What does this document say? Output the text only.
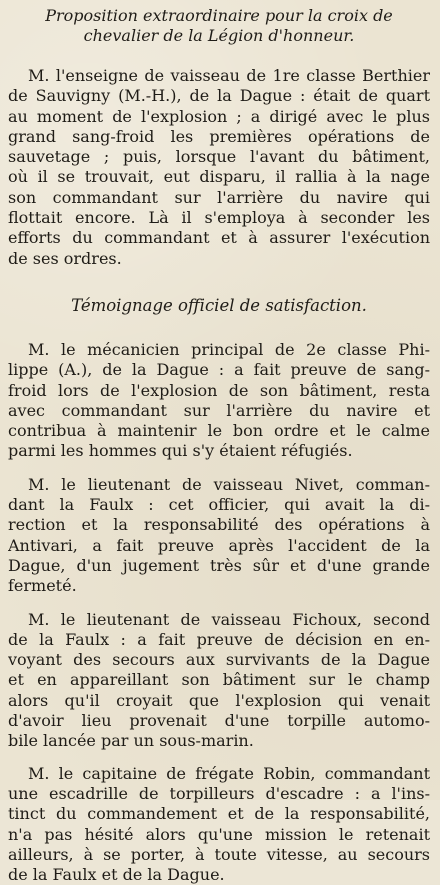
Proposition extraordinaire pour la croix de
chevalier de la Légion d'honneur.
M. l'enseigne de vaisseau de 1re classe Berthier
de Sauvigny (M.-H.), de la Dague : était de quart
au moment de l'explosion ; a dirigé avec le plus
grand sang-froid les premières opérations de
sauvetage ; puis, lorsque l'avant du bâtiment,
où il se trouvait, eut disparu, il rallia à la nage
son commandant sur l'arrière du navire qui
flottait encore. Là il s'employa à seconder les
efforts du commandant et à assurer l'exécution
de ses ordres.
Témoignage officiel de satisfaction.
M. le mécanicien principal de 2e classe Phi-
lippe (A.), de la Dague : a fait preuve de sang-
froid lors de l'explosion de son bâtiment, resta
avec commandant sur l'arrière du navire et
contribua à maintenir le bon ordre et le calme
parmi les hommes qui s'y étaient réfugiés.
M. le lieutenant de vaisseau Nivet, comman-
dant la Faulx : cet officier, qui avait la di-
rection et la responsabilité des opérations à
Antivari, a fait preuve après l'accident de la
Dague, d'un jugement très sûr et d'une grande
fermeté.
M. le lieutenant de vaisseau Fichoux, second
de la Faulx : a fait preuve de décision en en-
voyant des secours aux survivants de la Dague
et en appareillant son bâtiment sur le champ
alors qu'il croyait que l'explosion qui venait
d'avoir lieu provenait d'une torpille automo-
bile lancée par un sous-marin.
M. le capitaine de frégate Robin, commandant
une escadrille de torpilleurs d'escadre : a l'ins-
tinct du commandement et de la responsabilité,
n'a pas hésité alors qu'une mission le retenait
ailleurs, à se porter, à toute vitesse, au secours
de la Faulx et de la Dague.
